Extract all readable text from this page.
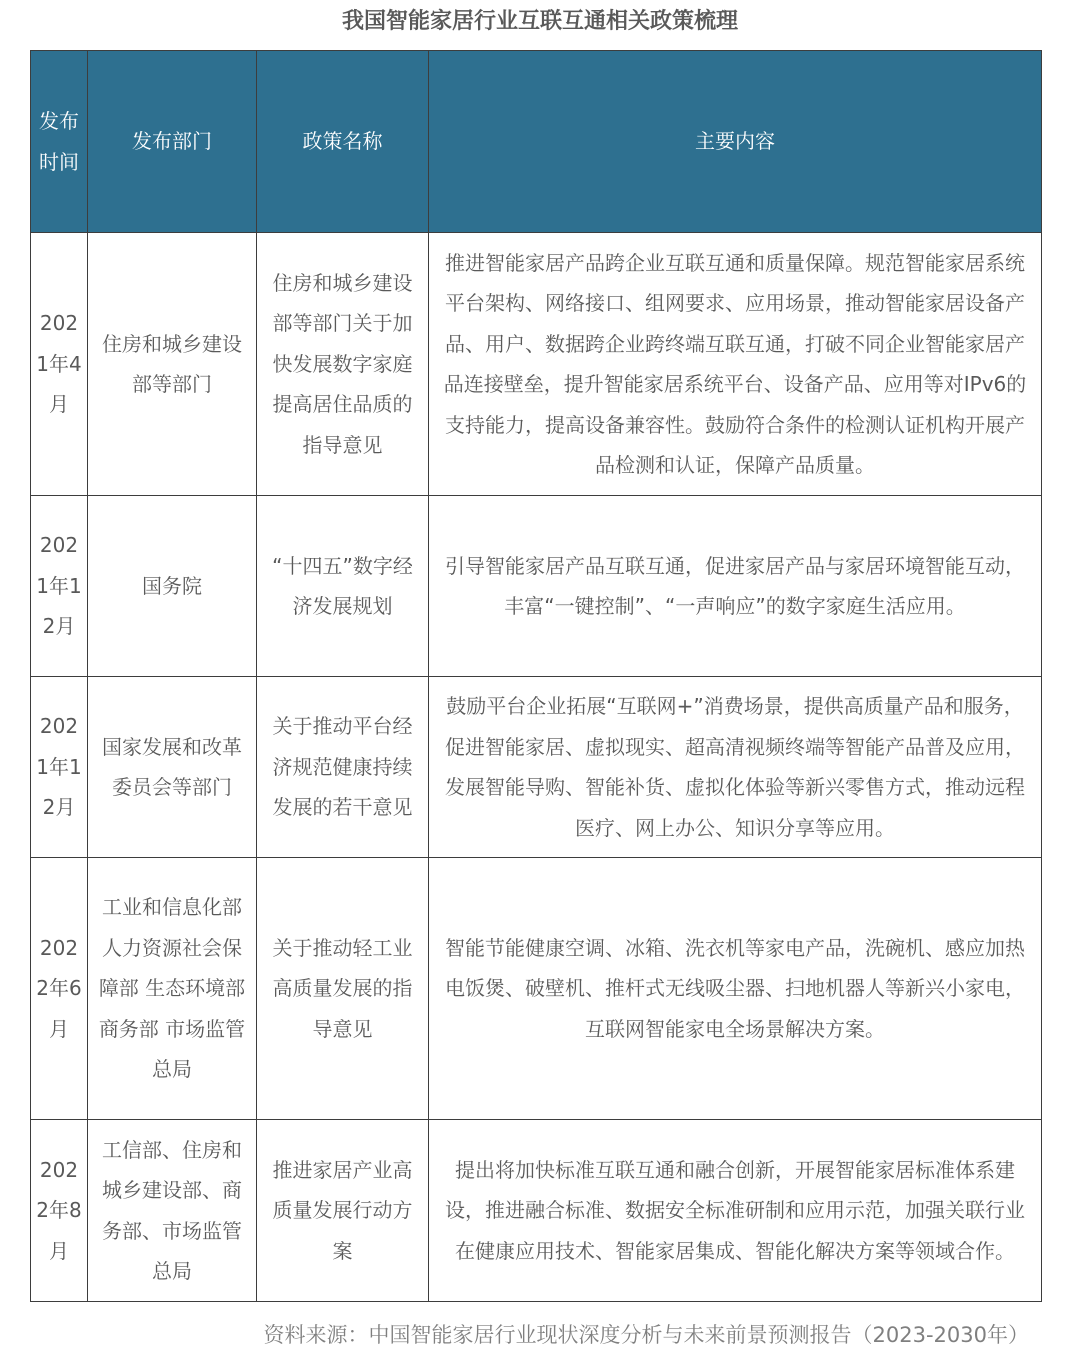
我国智能家居行业互联互通相关政策梳理
发布时间	发布部门	政策名称	主要内容
2021年4月	住房和城乡建设部等部门	住房和城乡建设部等部门关于加快发展数字家庭 提高居住品质的指导意见	推进智能家居产品跨企业互联互通和质量保障。规范智能家居系统平台架构、网络接口、组网要求、应用场景，推动智能家居设备产品、用户、数据跨企业跨终端互联互通，打破不同企业智能家居产品连接壁垒，提升智能家居系统平台、设备产品、应用等对IPv6的支持能力，提高设备兼容性。鼓励符合条件的检测认证机构开展产品检测和认证，保障产品质量。
2021年12月	国务院	“十四五”数字经济发展规划	引导智能家居产品互联互通，促进家居产品与家居环境智能互动，丰富“一键控制”、“一声响应”的数字家庭生活应用。
2021年12月	国家发展和改革委员会等部门	关于推动平台经济规范健康持续发展的若干意见	鼓励平台企业拓展“互联网+”消费场景，提供高质量产品和服务，促进智能家居、虚拟现实、超高清视频终端等智能产品普及应用，发展智能导购、智能补货、虚拟化体验等新兴零售方式，推动远程医疗、网上办公、知识分享等应用。
2022年6月	工业和信息化部 人力资源社会保障部 生态环境部 商务部 市场监管总局	关于推动轻工业高质量发展的指导意见	智能节能健康空调、冰箱、洗衣机等家电产品，洗碗机、感应加热电饭煲、破壁机、推杆式无线吸尘器、扫地机器人等新兴小家电，互联网智能家电全场景解决方案。
2022年8月	工信部、住房和城乡建设部、商务部、市场监管总局	推进家居产业高质量发展行动方案	提出将加快标准互联互通和融合创新，开展智能家居标准体系建设，推进融合标准、数据安全标准研制和应用示范，加强关联行业在健康应用技术、智能家居集成、智能化解决方案等领域合作。
资料来源：中国智能家居行业现状深度分析与未来前景预测报告（2023-2030年）
